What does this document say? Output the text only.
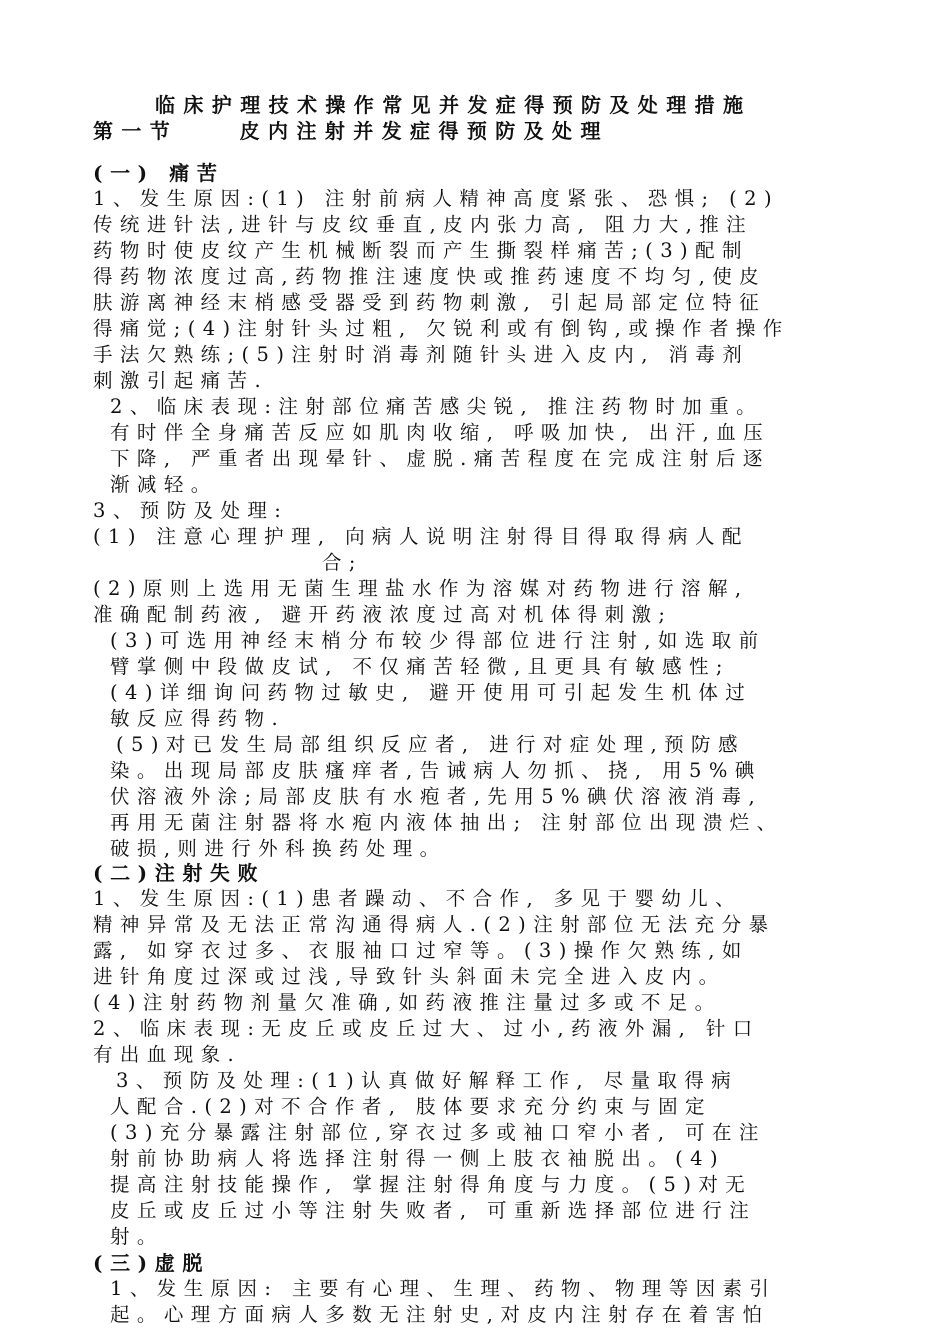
临床护理技术操作常见并发症得预防及处理措施
第一节    皮内注射并发症得预防及处理
(一) 痛苦
1、发生原因:(1) 注射前病人精神高度紧张、恐惧; (2)
传统进针法,进针与皮纹垂直,皮内张力高, 阻力大,推注
药物时使皮纹产生机械断裂而产生撕裂样痛苦;(3)配制
得药物浓度过高,药物推注速度快或推药速度不均匀,使皮
肤游离神经末梢感受器受到药物刺激, 引起局部定位特征
得痛觉;(4)注射针头过粗, 欠锐利或有倒钩,或操作者操作
手法欠熟练;(5)注射时消毒剂随针头进入皮内, 消毒剂
刺激引起痛苦.
2、临床表现:注射部位痛苦感尖锐, 推注药物时加重。
有时伴全身痛苦反应如肌肉收缩, 呼吸加快, 出汗,血压
下降, 严重者出现晕针、虚脱.痛苦程度在完成注射后逐
渐减轻。
3、预防及处理:
(1) 注意心理护理, 向病人说明注射得目得取得病人配
合;
(2)原则上选用无菌生理盐水作为溶媒对药物进行溶解,
准确配制药液, 避开药液浓度过高对机体得刺激;
(3)可选用神经末梢分布较少得部位进行注射,如选取前
臂掌侧中段做皮试, 不仅痛苦轻微,且更具有敏感性;
(4)详细询问药物过敏史, 避开使用可引起发生机体过
敏反应得药物.
(5)对已发生局部组织反应者, 进行对症处理,预防感
染。出现局部皮肤瘙痒者,告诫病人勿抓、挠, 用5%碘
伏溶液外涂;局部皮肤有水疱者,先用5%碘伏溶液消毒,
再用无菌注射器将水疱内液体抽出; 注射部位出现溃烂、
破损,则进行外科换药处理。
(二)注射失败
1、发生原因:(1)患者躁动、不合作, 多见于婴幼儿、
精神异常及无法正常沟通得病人.(2)注射部位无法充分暴
露, 如穿衣过多、衣服袖口过窄等。(3)操作欠熟练,如
进针角度过深或过浅,导致针头斜面未完全进入皮内。
(4)注射药物剂量欠准确,如药液推注量过多或不足。
2、临床表现:无皮丘或皮丘过大、过小,药液外漏, 针口
有出血现象.
3、预防及处理:(1)认真做好解释工作, 尽量取得病
人配合.(2)对不合作者, 肢体要求充分约束与固定
(3)充分暴露注射部位,穿衣过多或袖口窄小者, 可在注
射前协助病人将选择注射得一侧上肢衣袖脱出。(4)
提高注射技能操作, 掌握注射得角度与力度。(5)对无
皮丘或皮丘过小等注射失败者, 可重新选择部位进行注
射。
(三)虚脱
1、发生原因: 主要有心理、生理、药物、物理等因素引
起。心理方面病人多数无注射史,对皮内注射存在着害怕
